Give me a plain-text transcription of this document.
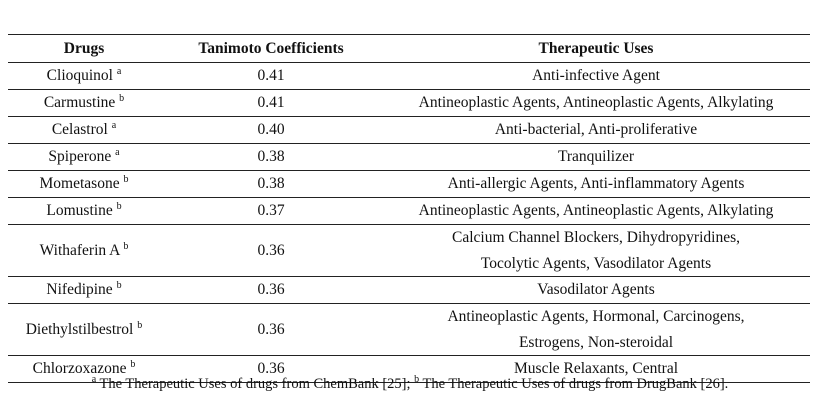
Drugs	Tanimoto Coefficients	Therapeutic Uses
Clioquinol $^a$	0.41	Anti-infective Agent

Carmustine $^b$	0.41	Antineoplastic Agents, Antineoplastic Agents, Alkylating

Celastrol $^a$	0.40	Anti-bacterial, Anti-proliferative

Spiperone $^a$	0.38	Tranquilizer

Mometasone $^b$	0.38	Anti-allergic Agents, Anti-inflammatory Agents

Lomustine $^b$	0.37	Antineoplastic Agents, Antineoplastic Agents, Alkylating

Withaferin A $^b$	0.36	Calcium Channel Blockers, Dihydropyridines,
Tocolytic Agents, Vasodilator Agents

Nifedipine $^b$	0.36	Vasodilator Agents

Diethylstilbestrol $^b$	0.36	Antineoplastic Agents, Hormonal, Carcinogens,
Estrogens, Non-steroidal

Chlorzoxazone $^b$	0.36	Muscle Relaxants, Central
$^a$ The Therapeutic Uses of drugs from ChemBank [25]; $^b$ The Therapeutic Uses of drugs from DrugBank [26].
